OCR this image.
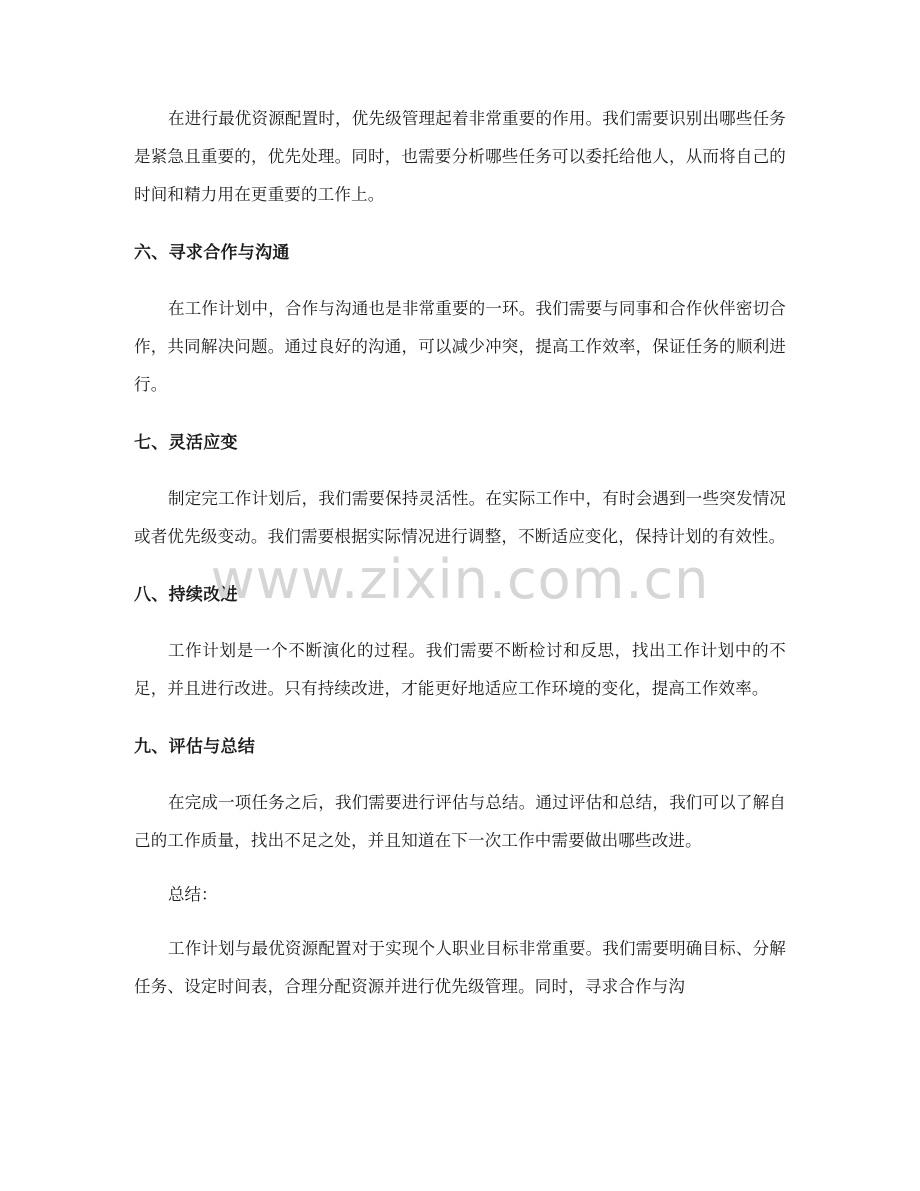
在进行最优资源配置时，优先级管理起着非常重要的作用。我们需要识别出哪些任务是紧急且重要的，优先处理。同时，也需要分析哪些任务可以委托给他人，从而将自己的时间和精力用在更重要的工作上。

六、寻求合作与沟通

在工作计划中，合作与沟通也是非常重要的一环。我们需要与同事和合作伙伴密切合作，共同解决问题。通过良好的沟通，可以减少冲突，提高工作效率，保证任务的顺利进行。

七、灵活应变

制定完工作计划后，我们需要保持灵活性。在实际工作中，有时会遇到一些突发情况或者优先级变动。我们需要根据实际情况进行调整，不断适应变化，保持计划的有效性。

八、持续改进

工作计划是一个不断演化的过程。我们需要不断检讨和反思，找出工作计划中的不足，并且进行改进。只有持续改进，才能更好地适应工作环境的变化，提高工作效率。

九、评估与总结

在完成一项任务之后，我们需要进行评估与总结。通过评估和总结，我们可以了解自己的工作质量，找出不足之处，并且知道在下一次工作中需要做出哪些改进。

总结：

工作计划与最优资源配置对于实现个人职业目标非常重要。我们需要明确目标、分解任务、设定时间表，合理分配资源并进行优先级管理。同时，寻求合作与沟

www.zixin.com.cn
